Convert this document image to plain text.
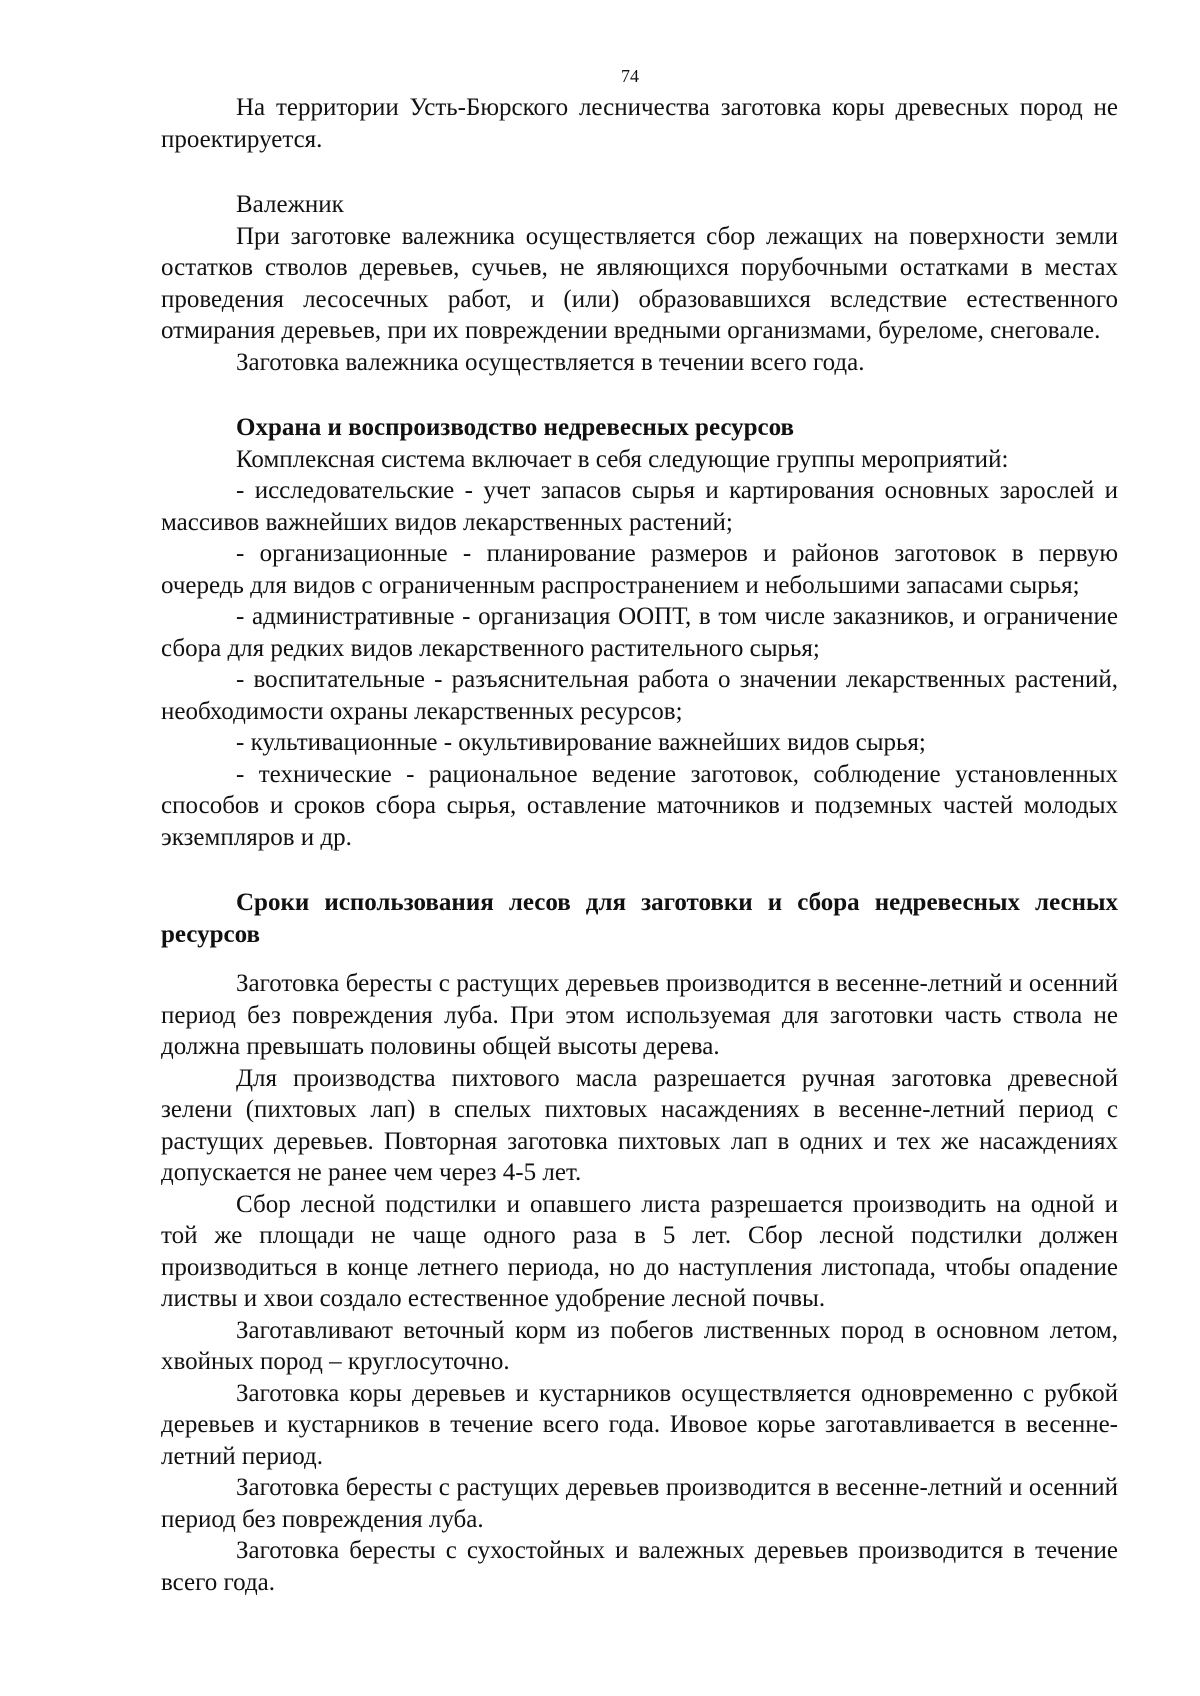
74

На территории Усть-Бюрского лесничества заготовка коры древесных пород не проектируется.

Валежник

При заготовке валежника осуществляется сбор лежащих на поверхности земли остатков стволов деревьев, сучьев, не являющихся порубочными остатками в местах проведения лесосечных работ, и (или) образовавшихся вследствие естественного отмирания деревьев, при их повреждении вредными организмами, буреломе, снеговале.

Заготовка валежника осуществляется в течении всего года.

Охрана и воспроизводство недревесных ресурсов

Комплексная система включает в себя следующие группы мероприятий:

- исследовательские - учет запасов сырья и картирования основных зарослей и массивов важнейших видов лекарственных растений;

- организационные - планирование размеров и районов заготовок в первую очередь для видов с ограниченным распространением и небольшими запасами сырья;

- административные - организация ООПТ, в том числе заказников, и ограничение сбора для редких видов лекарственного растительного сырья;

- воспитательные - разъяснительная работа о значении лекарственных растений, необходимости охраны лекарственных ресурсов;

- культивационные - окультивирование важнейших видов сырья;

- технические - рациональное ведение заготовок, соблюдение установленных способов и сроков сбора сырья, оставление маточников и подземных частей молодых экземпляров и др.

Сроки использования лесов для заготовки и сбора недревесных лесных ресурсов

Заготовка бересты с растущих деревьев производится в весенне-летний и осенний период без повреждения луба. При этом используемая для заготовки часть ствола не должна превышать половины общей высоты дерева.

Для производства пихтового масла разрешается ручная заготовка древесной зелени (пихтовых лап) в спелых пихтовых насаждениях в весенне-летний период с растущих деревьев. Повторная заготовка пихтовых лап в одних и тех же насаждениях допускается не ранее чем через 4-5 лет.

Сбор лесной подстилки и опавшего листа разрешается производить на одной и той же площади не чаще одного раза в 5 лет. Сбор лесной подстилки должен производиться в конце летнего периода, но до наступления листопада, чтобы опадение листвы и хвои создало естественное удобрение лесной почвы.

Заготавливают веточный корм из побегов лиственных пород в основном летом, хвойных пород – круглосуточно.

Заготовка коры деревьев и кустарников осуществляется одновременно с рубкой деревьев и кустарников в течение всего года. Ивовое корье заготавливается в весенне-летний период.

Заготовка бересты с растущих деревьев производится в весенне-летний и осенний период без повреждения луба.

Заготовка бересты с сухостойных и валежных деревьев производится в течение всего года.
